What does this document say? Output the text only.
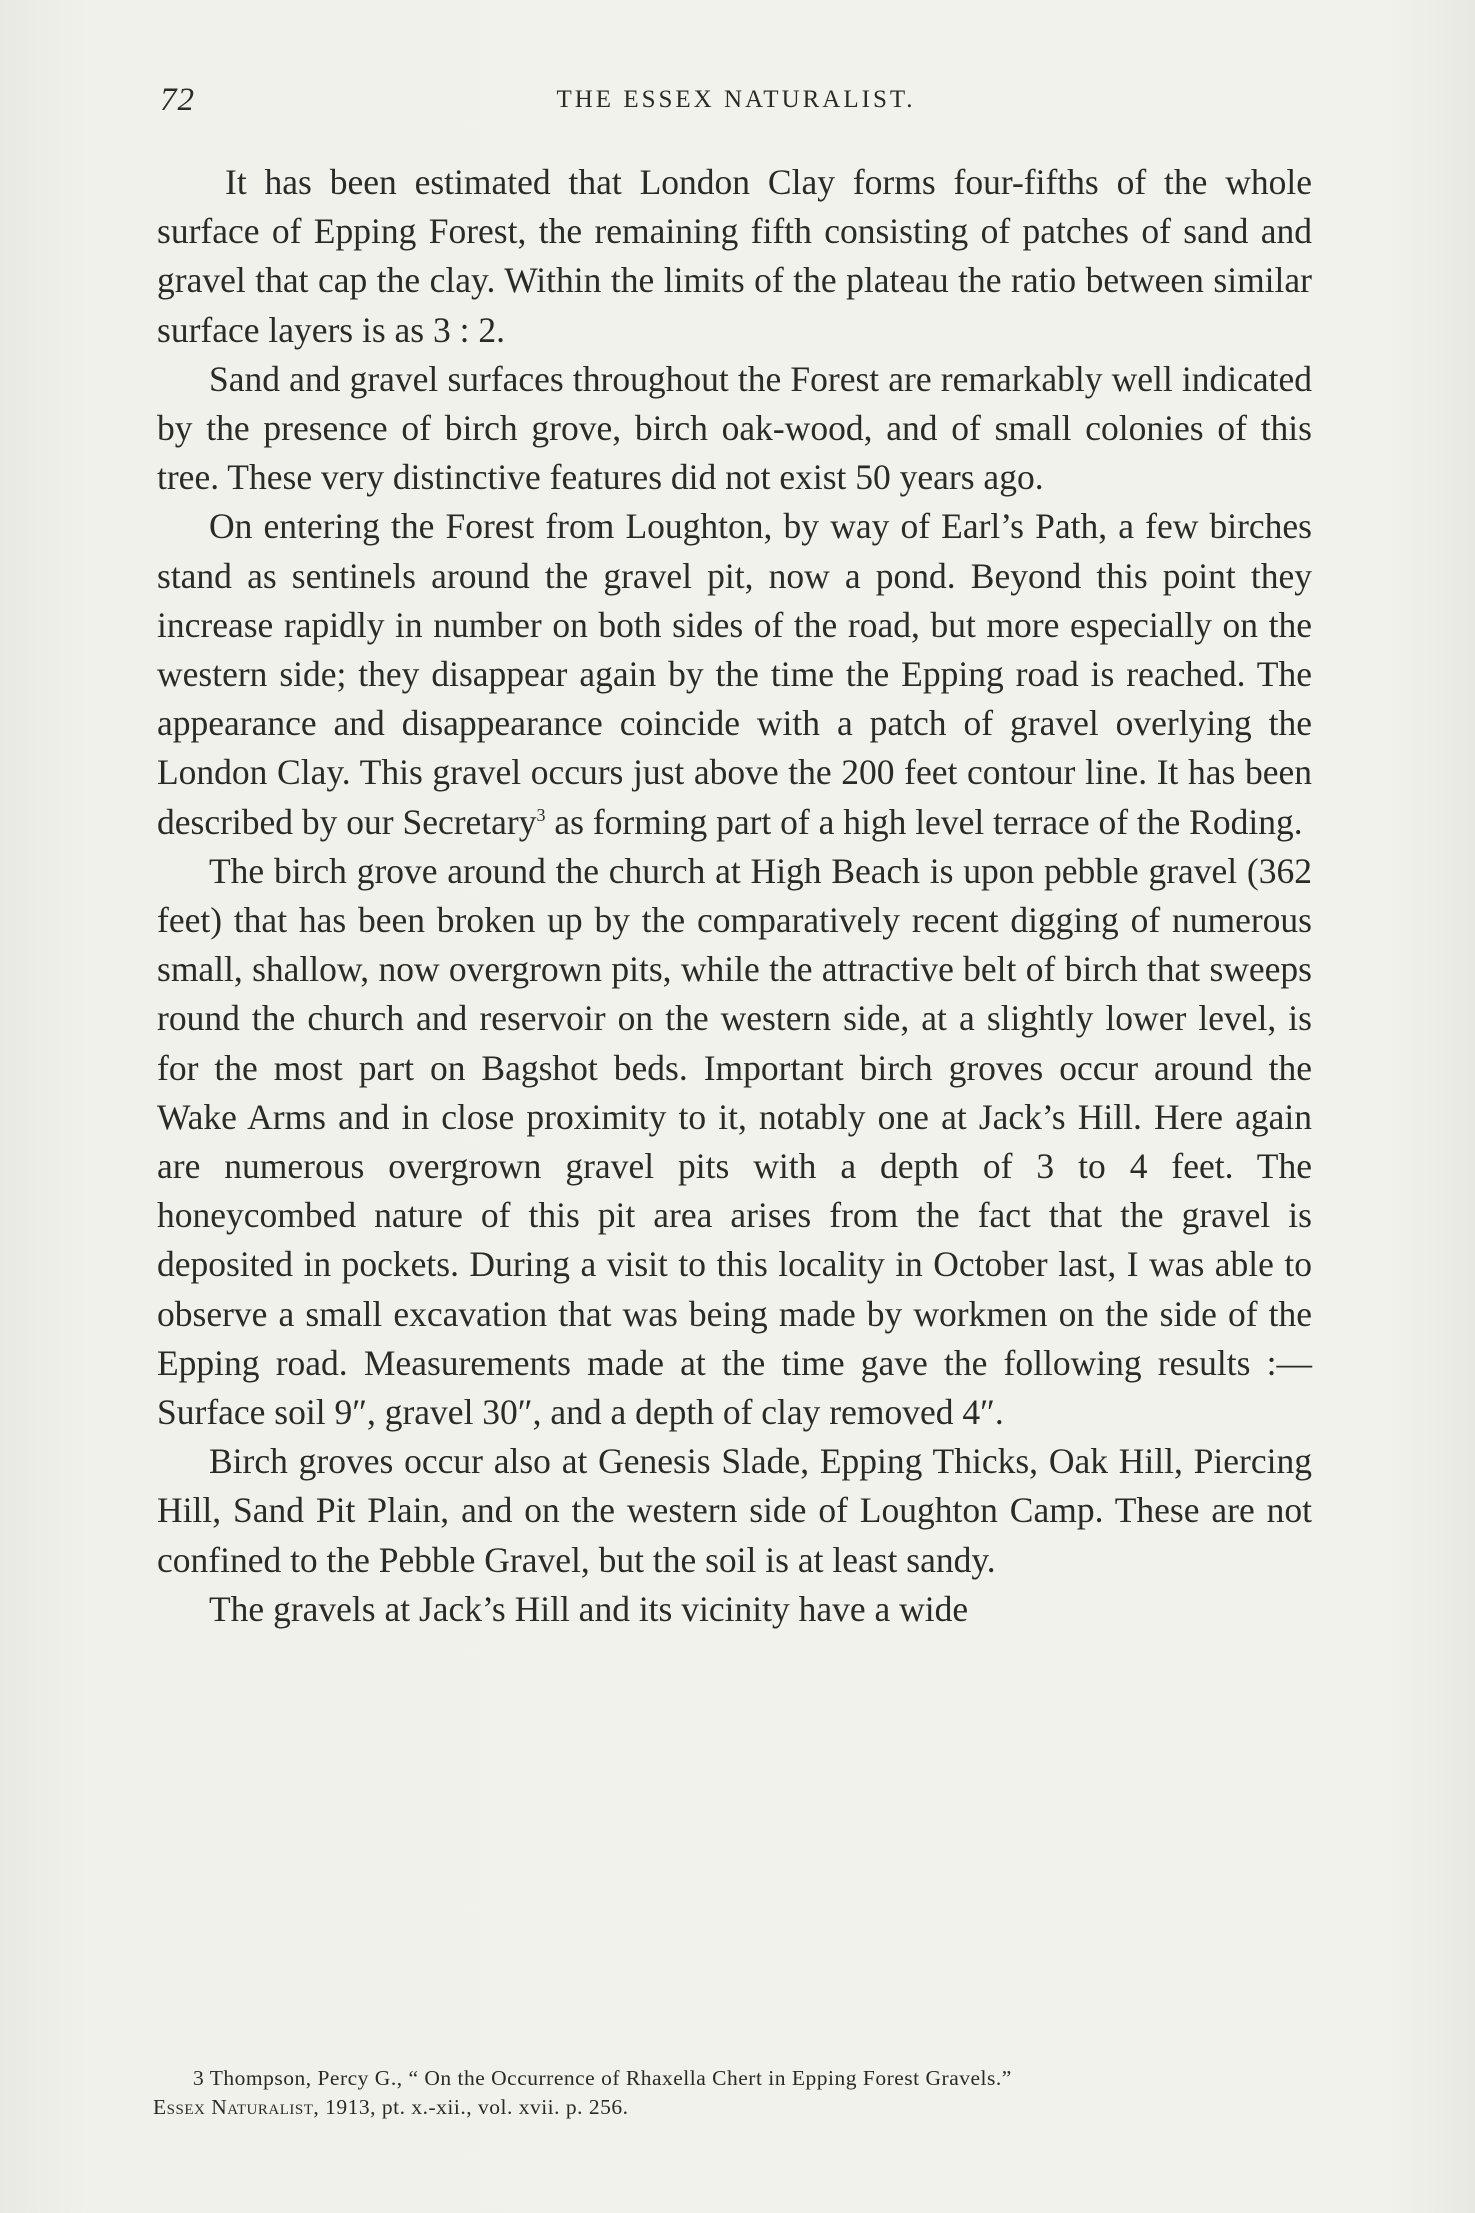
72	THE ESSEX NATURALIST.

It has been estimated that London Clay forms four-fifths of the whole surface of Epping Forest, the remaining fifth consisting of patches of sand and gravel that cap the clay. Within the limits of the plateau the ratio between similar surface layers is as 3 : 2.

Sand and gravel surfaces throughout the Forest are remarkably well indicated by the presence of birch grove, birch oak-wood, and of small colonies of this tree. These very distinctive features did not exist 50 years ago.

On entering the Forest from Loughton, by way of Earl’s Path, a few birches stand as sentinels around the gravel pit, now a pond. Beyond this point they increase rapidly in number on both sides of the road, but more especially on the western side; they disappear again by the time the Epping road is reached. The appearance and disappearance coincide with a patch of gravel overlying the London Clay. This gravel occurs just above the 200 feet contour line. It has been described by our Secretary$^3$ as forming part of a high level terrace of the Roding.

The birch grove around the church at High Beach is upon pebble gravel (362 feet) that has been broken up by the comparatively recent digging of numerous small, shallow, now overgrown pits, while the attractive belt of birch that sweeps round the church and reservoir on the western side, at a slightly lower level, is for the most part on Bagshot beds. Important birch groves occur around the Wake Arms and in close proximity to it, notably one at Jack’s Hill. Here again are numerous overgrown gravel pits with a depth of 3 to 4 feet. The honeycombed nature of this pit area arises from the fact that the gravel is deposited in pockets. During a visit to this locality in October last, I was able to observe a small excavation that was being made by workmen on the side of the Epping road. Measurements made at the time gave the following results :— Surface soil 9″, gravel 30″, and a depth of clay removed 4″.

Birch groves occur also at Genesis Slade, Epping Thicks, Oak Hill, Piercing Hill, Sand Pit Plain, and on the western side of Loughton Camp. These are not confined to the Pebble Gravel, but the soil is at least sandy.

The gravels at Jack’s Hill and its vicinity have a wide

3 Thompson, Percy G., “ On the Occurrence of Rhaxella Chert in Epping Forest Gravels.”
Essex Naturalist, 1913, pt. x.-xii., vol. xvii. p. 256.
